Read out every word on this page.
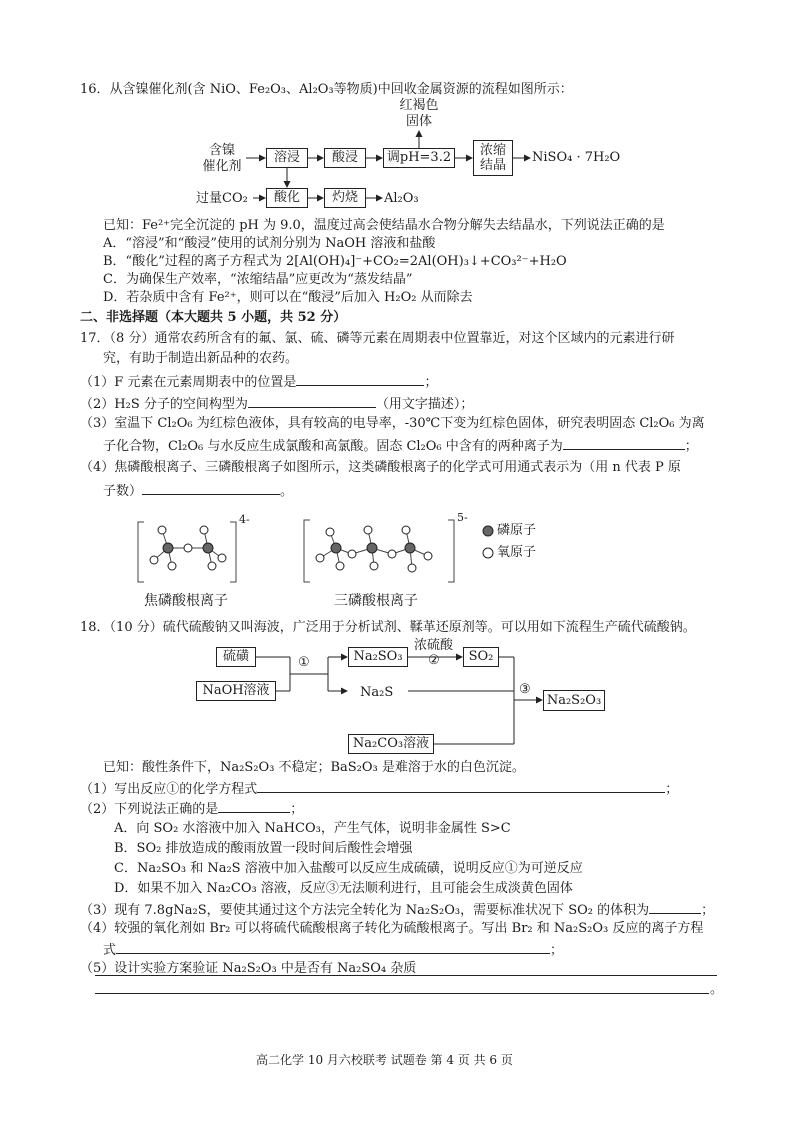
16．从含镍催化剂(含 NiO、Fe₂O₃、Al₂O₃等物质)中回收金属资源的流程如图所示：
红褐色
固体
含镍
催化剂
溶浸	酸浸	调pH=3.2	浓缩
结晶
NiSO₄ · 7H₂O
过量CO₂	酸化	灼烧	Al₂O₃
已知：Fe²⁺完全沉淀的 pH 为 9.0，温度过高会使结晶水合物分解失去结晶水，下列说法正确的是
A．“溶浸”和“酸浸”使用的试剂分别为 NaOH 溶液和盐酸
B．“酸化”过程的离子方程式为 2[Al(OH)₄]⁻+CO₂=2Al(OH)₃↓+CO₃²⁻+H₂O
C．为确保生产效率，“浓缩结晶”应更改为“蒸发结晶”
D．若杂质中含有 Fe²⁺，则可以在“酸浸”后加入 H₂O₂ 从而除去
二、非选择题（本大题共 5 小题，共 52 分）
17．（8 分）通常农药所含有的氟、氯、硫、磷等元素在周期表中位置靠近，对这个区域内的元素进行研
究，有助于制造出新品种的农药。
（1）F 元素在元素周期表中的位置是	；
（2）H₂S 分子的空间构型为	（用文字描述）；
（3）室温下 Cl₂O₆ 为红棕色液体，具有较高的电导率，-30℃下变为红棕色固体，研究表明固态 Cl₂O₆ 为离
子化合物，Cl₂O₆ 与水反应生成氯酸和高氯酸。固态 Cl₂O₆ 中含有的两种离子为	；
（4）焦磷酸根离子、三磷酸根离子如图所示，这类磷酸根离子的化学式可用通式表示为（用 n 代表 P 原
子数）	。
4-	5-
磷原子
氧原子
焦磷酸根离子	三磷酸根离子
18．（10 分）硫代硫酸钠又叫海波，广泛用于分析试剂、鞣革还原剂等。可以用如下流程生产硫代硫酸钠。
硫磺
NaOH溶液
①	Na₂SO₃
浓硫酸
②	SO₂
Na₂S	③
Na₂S₂O₃
Na₂CO₃溶液
已知：酸性条件下，Na₂S₂O₃ 不稳定；BaS₂O₃ 是难溶于水的白色沉淀。
（1）写出反应①的化学方程式	；
（2）下列说法正确的是	；
A．向 SO₂ 水溶液中加入 NaHCO₃，产生气体，说明非金属性 S>C
B．SO₂ 排放造成的酸雨放置一段时间后酸性会增强
C．Na₂SO₃ 和 Na₂S 溶液中加入盐酸可以反应生成硫磺，说明反应①为可逆反应
D．如果不加入 Na₂CO₃ 溶液，反应③无法顺利进行，且可能会生成淡黄色固体
（3）现有 7.8gNa₂S，要使其通过这个方法完全转化为 Na₂S₂O₃，需要标准状况下 SO₂ 的体积为	；
（4）较强的氧化剂如 Br₂ 可以将硫代硫酸根离子转化为硫酸根离子。写出 Br₂ 和 Na₂S₂O₃ 反应的离子方程
式	；
（5）设计实验方案验证 Na₂S₂O₃ 中是否有 Na₂SO₄ 杂质
。
高二化学 10 月六校联考 试题卷 第 4 页 共 6 页
